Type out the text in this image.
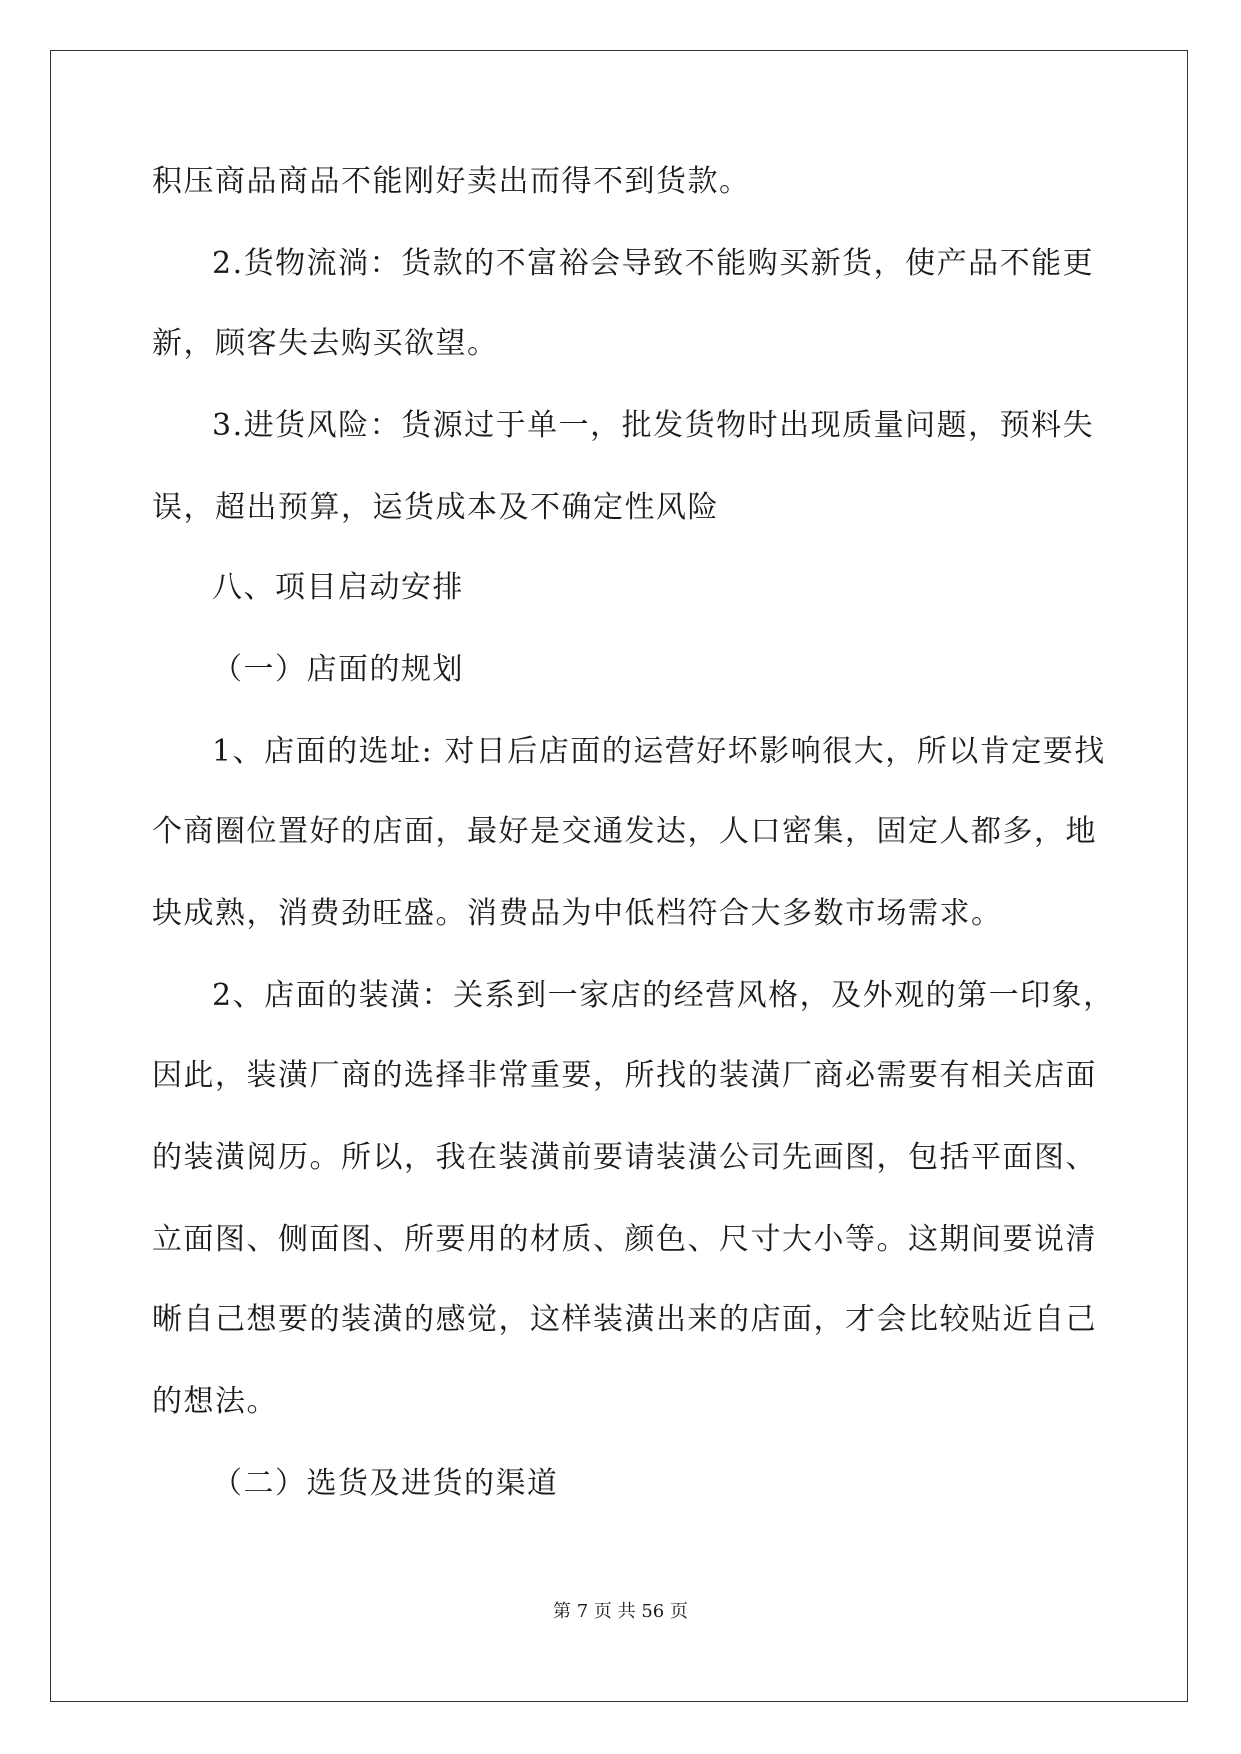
积压商品商品不能刚好卖出而得不到货款。
2.货物流淌：货款的不富裕会导致不能购买新货，使产品不能更
新，顾客失去购买欲望。
3.进货风险：货源过于单一，批发货物时出现质量问题，预料失
误，超出预算，运货成本及不确定性风险
八、项目启动安排
（一）店面的规划
1、店面的选址: 对日后店面的运营好坏影响很大，所以肯定要找
个商圈位置好的店面，最好是交通发达，人口密集，固定人都多，地
块成熟，消费劲旺盛。消费品为中低档符合大多数市场需求。
2、店面的装潢：关系到一家店的经营风格，及外观的第一印象，
因此，装潢厂商的选择非常重要，所找的装潢厂商必需要有相关店面
的装潢阅历。所以，我在装潢前要请装潢公司先画图，包括平面图、
立面图、侧面图、所要用的材质、颜色、尺寸大小等。这期间要说清
晰自己想要的装潢的感觉，这样装潢出来的店面，才会比较贴近自己
的想法。
（二）选货及进货的渠道
第 7 页 共 56 页
